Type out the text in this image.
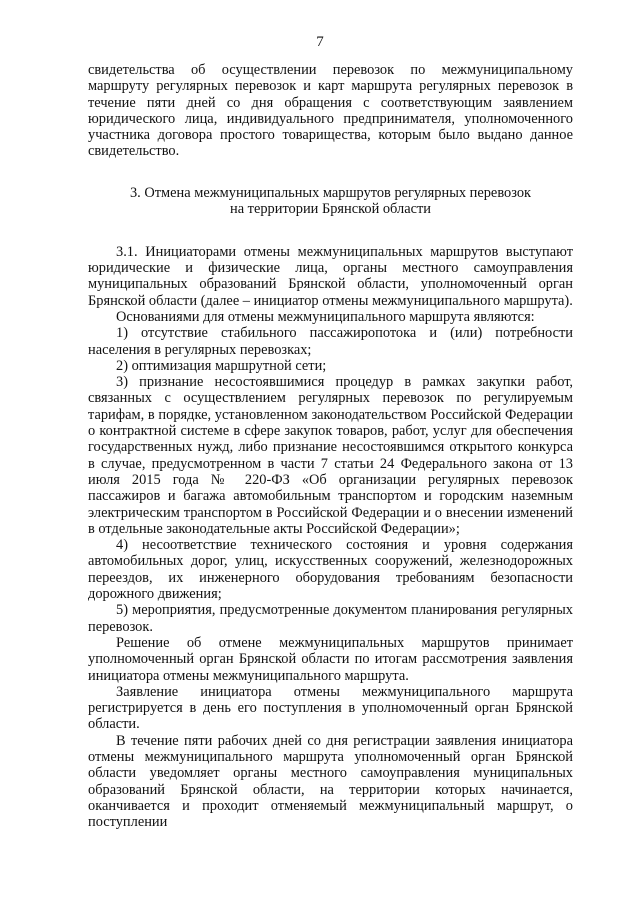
7

свидетельства об осуществлении перевозок по межмуниципальному маршруту регулярных перевозок и карт маршрута регулярных перевозок в течение пяти дней со дня обращения с соответствующим заявлением юридического лица, индивидуального предпринимателя, уполномоченного участника договора простого товарищества, которым было выдано данное свидетельство.

3. Отмена межмуниципальных маршрутов регулярных перевозок
на территории Брянской области

3.1. Инициаторами отмены межмуниципальных маршрутов выступают юридические и физические лица, органы местного самоуправления муниципальных образований Брянской области, уполномоченный орган Брянской области (далее – инициатор отмены межмуниципального маршрута).

Основаниями для отмены межмуниципального маршрута являются:

1) отсутствие стабильного пассажиропотока и (или) потребности населения в регулярных перевозках;

2) оптимизация маршрутной сети;

3) признание несостоявшимися процедур в рамках закупки работ, связанных с осуществлением регулярных перевозок по регулируемым тарифам, в порядке, установленном законодательством Российской Федерации о контрактной системе в сфере закупок товаров, работ, услуг для обеспечения государственных нужд, либо признание несостоявшимся открытого конкурса в случае, предусмотренном в части 7 статьи 24 Федерального закона от 13 июля 2015 года № 220-ФЗ «Об организации регулярных перевозок пассажиров и багажа автомобильным транспортом и городским наземным электрическим транспортом в Российской Федерации и о внесении изменений в отдельные законодательные акты Российской Федерации»;

4) несоответствие технического состояния и уровня содержания автомобильных дорог, улиц, искусственных сооружений, железнодорожных переездов, их инженерного оборудования требованиям безопасности дорожного движения;

5) мероприятия, предусмотренные документом планирования регулярных перевозок.

Решение об отмене межмуниципальных маршрутов принимает уполномоченный орган Брянской области по итогам рассмотрения заявления инициатора отмены межмуниципального маршрута.

Заявление инициатора отмены межмуниципального маршрута регистрируется в день его поступления в уполномоченный орган Брянской области.

В течение пяти рабочих дней со дня регистрации заявления инициатора отмены межмуниципального маршрута уполномоченный орган Брянской области уведомляет органы местного самоуправления муниципальных образований Брянской области, на территории которых начинается, оканчивается и проходит отменяемый межмуниципальный маршрут, о поступлении
